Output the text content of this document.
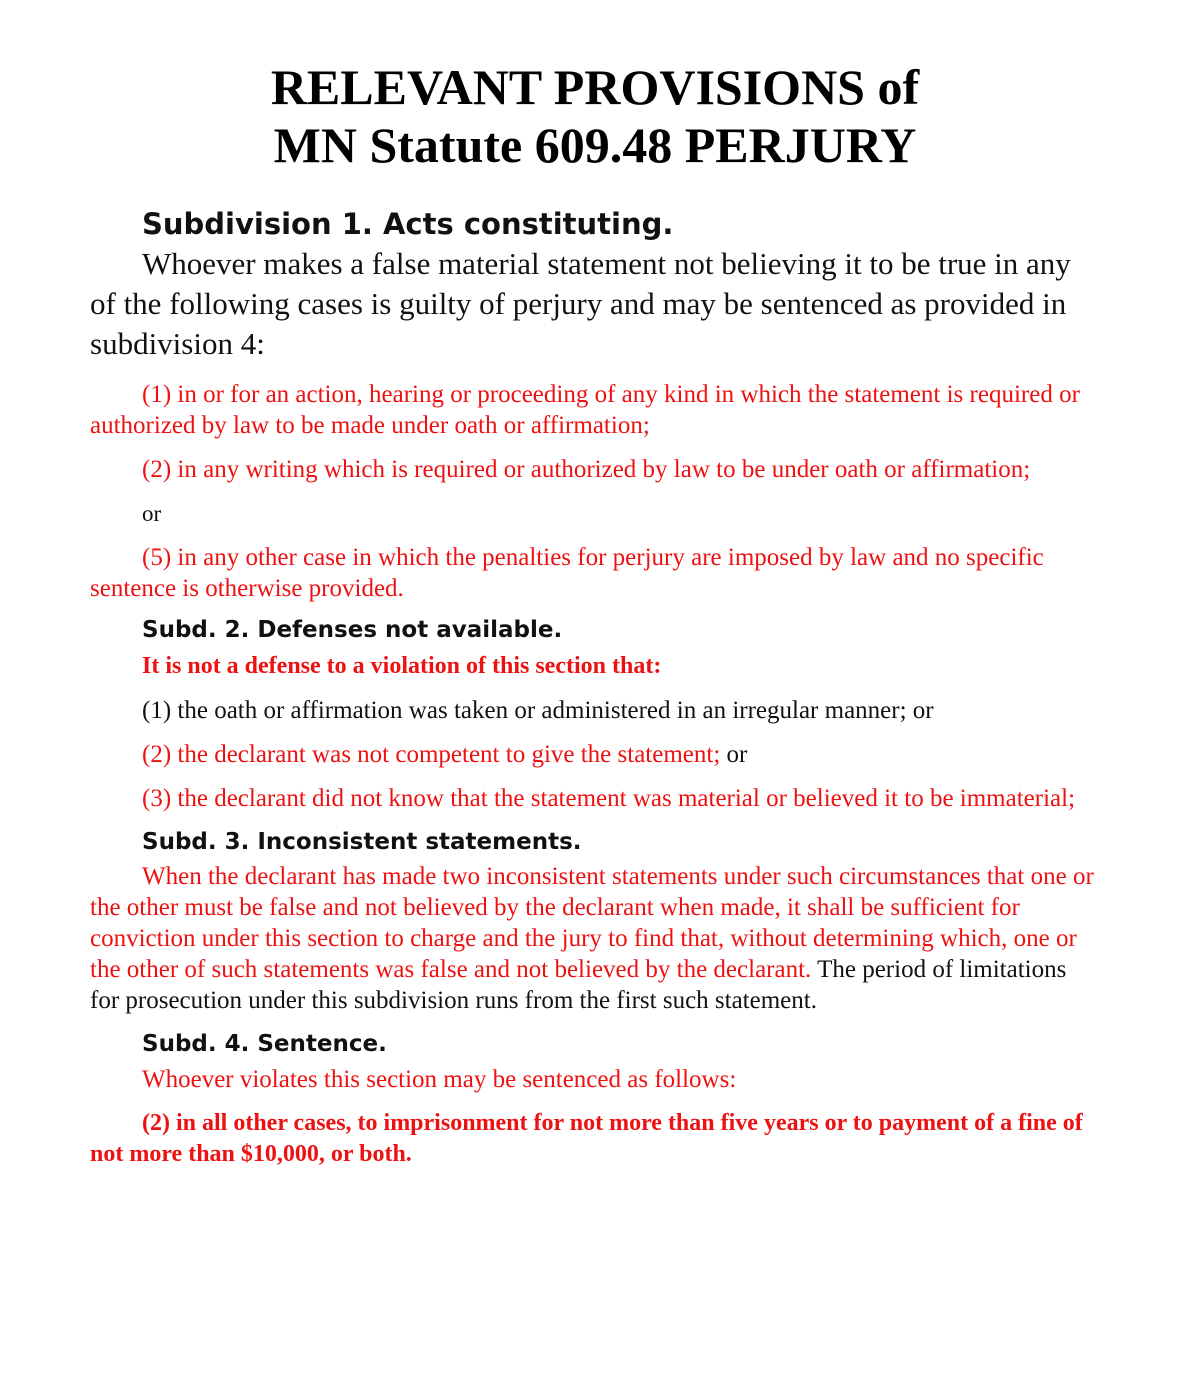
RELEVANT PROVISIONS of
MN Statute 609.48 PERJURY

Subdivision 1. Acts constituting.

Whoever makes a false material statement not believing it to be true in any of the following cases is guilty of perjury and may be sentenced as provided in subdivision 4:

(1) in or for an action, hearing or proceeding of any kind in which the statement is required or authorized by law to be made under oath or affirmation;

(2) in any writing which is required or authorized by law to be under oath or affirmation;

or

(5) in any other case in which the penalties for perjury are imposed by law and no specific sentence is otherwise provided.

Subd. 2. Defenses not available.

It is not a defense to a violation of this section that:

(1) the oath or affirmation was taken or administered in an irregular manner; or

(2) the declarant was not competent to give the statement; or

(3) the declarant did not know that the statement was material or believed it to be immaterial;

Subd. 3. Inconsistent statements.

When the declarant has made two inconsistent statements under such circumstances that one or the other must be false and not believed by the declarant when made, it shall be sufficient for conviction under this section to charge and the jury to find that, without determining which, one or the other of such statements was false and not believed by the declarant. The period of limitations for prosecution under this subdivision runs from the first such statement.

Subd. 4. Sentence.

Whoever violates this section may be sentenced as follows:

(2) in all other cases, to imprisonment for not more than five years or to payment of a fine of not more than $10,000, or both.
